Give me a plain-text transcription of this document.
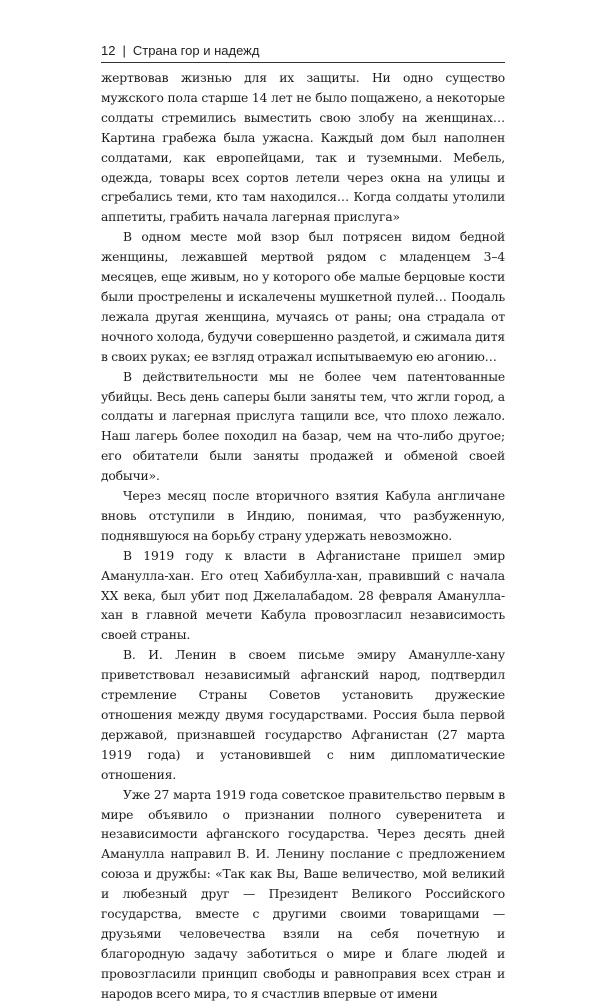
12 | Страна гор и надежд

жертвовав жизнью для их защиты. Ни одно существо мужского пола старше 14 лет не было пощажено, а некоторые солдаты стремились выместить свою злобу на женщинах… Картина грабежа была ужасна. Каждый дом был наполнен солдатами, как европейцами, так и туземными. Мебель, одежда, товары всех сортов летели через окна на улицы и сгребались теми, кто там находился… Когда солдаты утолили аппетиты, грабить начала лагерная прислуга»

В одном месте мой взор был потрясен видом бедной женщины, лежавшей мертвой рядом с младенцем 3–4 месяцев, еще живым, но у которого обе малые берцовые кости были прострелены и искалечены мушкетной пулей… Поодаль лежала другая женщина, мучаясь от раны; она страдала от ночного холода, будучи совершенно раздетой, и сжимала дитя в своих руках; ее взгляд отражал испытываемую ею агонию…

В действительности мы не более чем патентованные убийцы. Весь день саперы были заняты тем, что жгли город, а солдаты и лагерная прислуга тащили все, что плохо лежало. Наш лагерь более походил на базар, чем на что-либо другое; его обитатели были заняты продажей и обменой своей добычи».

Через месяц после вторичного взятия Кабула англичане вновь отступили в Индию, понимая, что разбуженную, поднявшуюся на борьбу страну удержать невозможно.

В 1919 году к власти в Афганистане пришел эмир Аманулла-хан. Его отец Хабибулла-хан, правивший с начала XX века, был убит под Джелалабадом. 28 февраля Аманулла-хан в главной мечети Кабула провозгласил независимость своей страны.

В. И. Ленин в своем письме эмиру Аманулле-хану приветствовал независимый афганский народ, подтвердил стремление Страны Советов установить дружеские отношения между двумя государствами. Россия была первой державой, признавшей государство Афганистан (27 марта 1919 года) и установившей с ним дипломатические отношения.

Уже 27 марта 1919 года советское правительство первым в мире объявило о признании полного суверенитета и независимости афганского государства. Через десять дней Аманулла направил В. И. Ленину послание с предложением союза и дружбы: «Так как Вы, Ваше величество, мой великий и любезный друг — Президент Великого Российского государства, вместе с другими своими товарищами — друзьями человечества взяли на себя почетную и благородную задачу заботиться о мире и благе людей и провозгласили принцип свободы и равноправия всех стран и народов всего мира, то я счастлив впервые от имени
